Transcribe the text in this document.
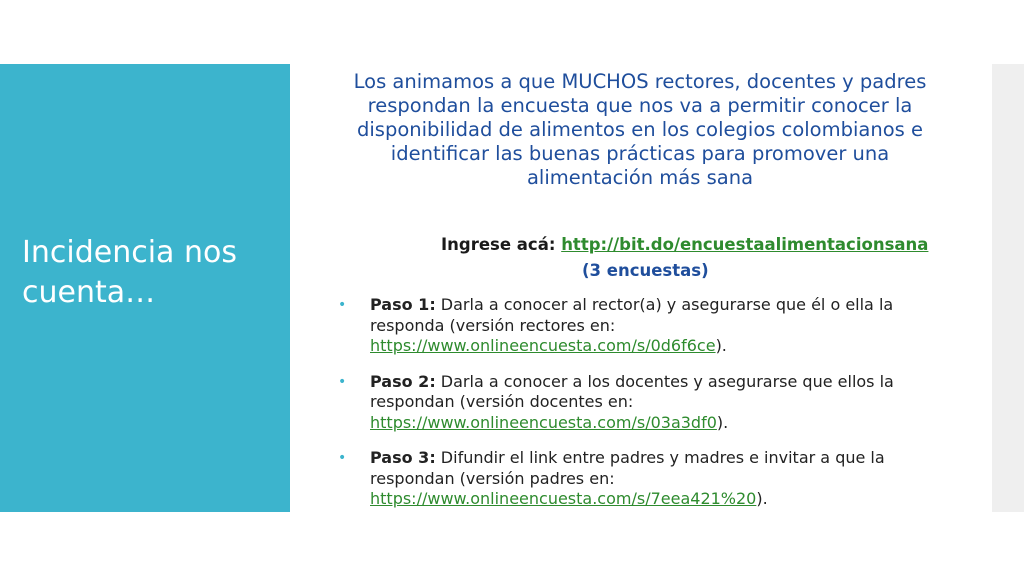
Incidencia nos cuenta…

Los animamos a que MUCHOS rectores, docentes y padres respondan la encuesta que nos va a permitir conocer la disponibilidad de alimentos en los colegios colombianos e identificar las buenas prácticas para promover una alimentación más sana

Ingrese acá: http://bit.do/encuestaalimentacionsana
(3 encuestas)
• Paso 1: Darla a conocer al rector(a) y asegurarse que él o ella la responda (versión rectores en: https://www.onlineencuesta.com/s/0d6f6ce).
• Paso 2: Darla a conocer a los docentes y asegurarse que ellos la respondan (versión docentes en: https://www.onlineencuesta.com/s/03a3df0).
• Paso 3: Difundir el link entre padres y madres e invitar a que la respondan (versión padres en: https://www.onlineencuesta.com/s/7eea421%20).
